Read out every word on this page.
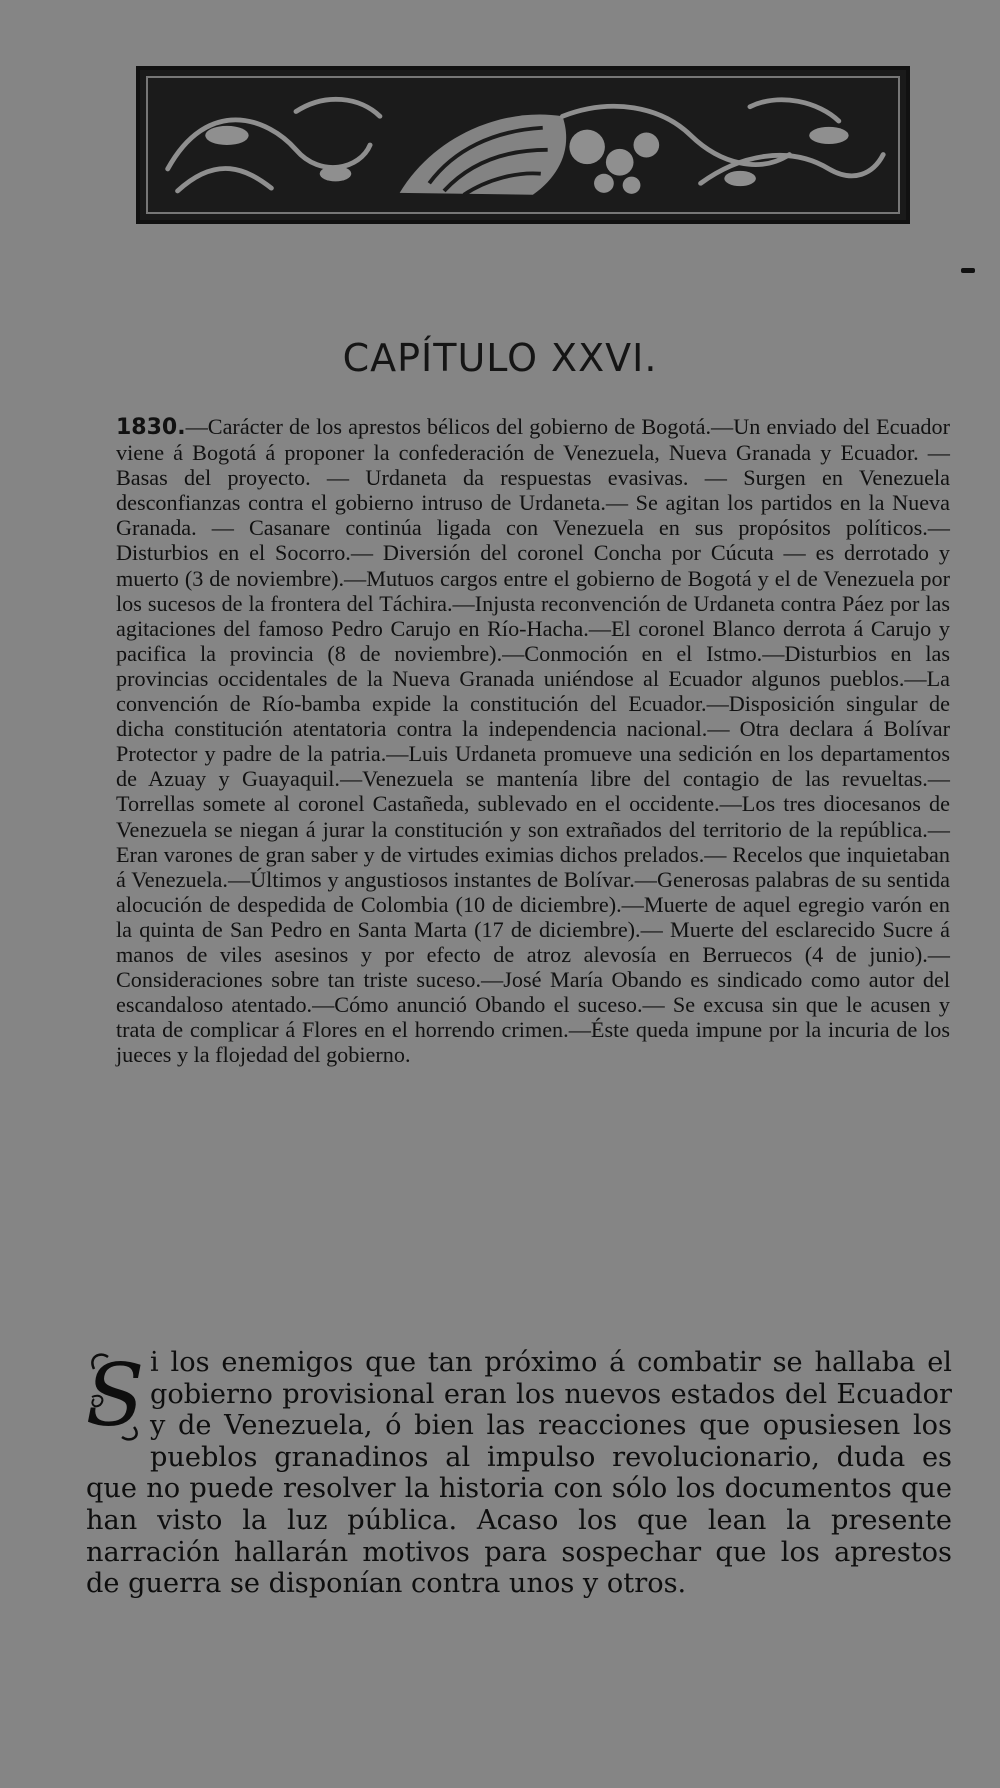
CAPÍTULO XXVI.
1830.—Carácter de los aprestos bélicos del gobierno de Bogotá.—Un enviado del Ecuador viene á Bogotá á proponer la confederación de Venezuela, Nueva Granada y Ecuador. — Basas del proyecto. — Urdaneta da respuestas evasivas. — Surgen en Venezuela desconfianzas contra el gobierno intruso de Urdaneta.— Se agitan los partidos en la Nueva Granada. — Casanare continúa ligada con Venezuela en sus propósitos políticos.— Disturbios en el Socorro.— Diversión del coronel Concha por Cúcuta — es derrotado y muerto (3 de noviembre).—Mutuos cargos entre el gobierno de Bogotá y el de Venezuela por los sucesos de la frontera del Táchira.—Injusta reconvención de Urdaneta contra Páez por las agitaciones del famoso Pedro Carujo en Río-Hacha.—El coronel Blanco derrota á Carujo y pacifica la provincia (8 de noviembre).—Conmoción en el Istmo.—Disturbios en las provincias occidentales de la Nueva Granada uniéndose al Ecuador algunos pueblos.—La convención de Río-bamba expide la constitución del Ecuador.—Disposición singular de dicha constitución atentatoria contra la independencia nacional.— Otra declara á Bolívar Protector y padre de la patria.—Luis Urdaneta promueve una sedición en los departamentos de Azuay y Guayaquil.—Venezuela se mantenía libre del contagio de las revueltas.—Torrellas somete al coronel Castañeda, sublevado en el occidente.—Los tres diocesanos de Venezuela se niegan á jurar la constitución y son extrañados del territorio de la república.—Eran varones de gran saber y de virtudes eximias dichos prelados.— Recelos que inquietaban á Venezuela.—Últimos y angustiosos instantes de Bolívar.—Generosas palabras de su sentida alocución de despedida de Colombia (10 de diciembre).—Muerte de aquel egregio varón en la quinta de San Pedro en Santa Marta (17 de diciembre).— Muerte del esclarecido Sucre á manos de viles asesinos y por efecto de atroz alevosía en Berruecos (4 de junio).—Consideraciones sobre tan triste suceso.—José María Obando es sindicado como autor del escandaloso atentado.—Cómo anunció Obando el suceso.— Se excusa sin que le acusen y trata de complicar á Flores en el horrendo crimen.—Éste queda impune por la incuria de los jueces y la flojedad del gobierno.
S i los enemigos que tan próximo á combatir se hallaba el gobierno provisional eran los nuevos estados del Ecuador y de Venezuela, ó bien las reacciones que opusiesen los pueblos granadinos al impulso revolucionario, duda es que no puede resolver la historia con sólo los documentos que han visto la luz pública. Acaso los que lean la presente narración hallarán motivos para sospechar que los aprestos de guerra se disponían contra unos y otros.
